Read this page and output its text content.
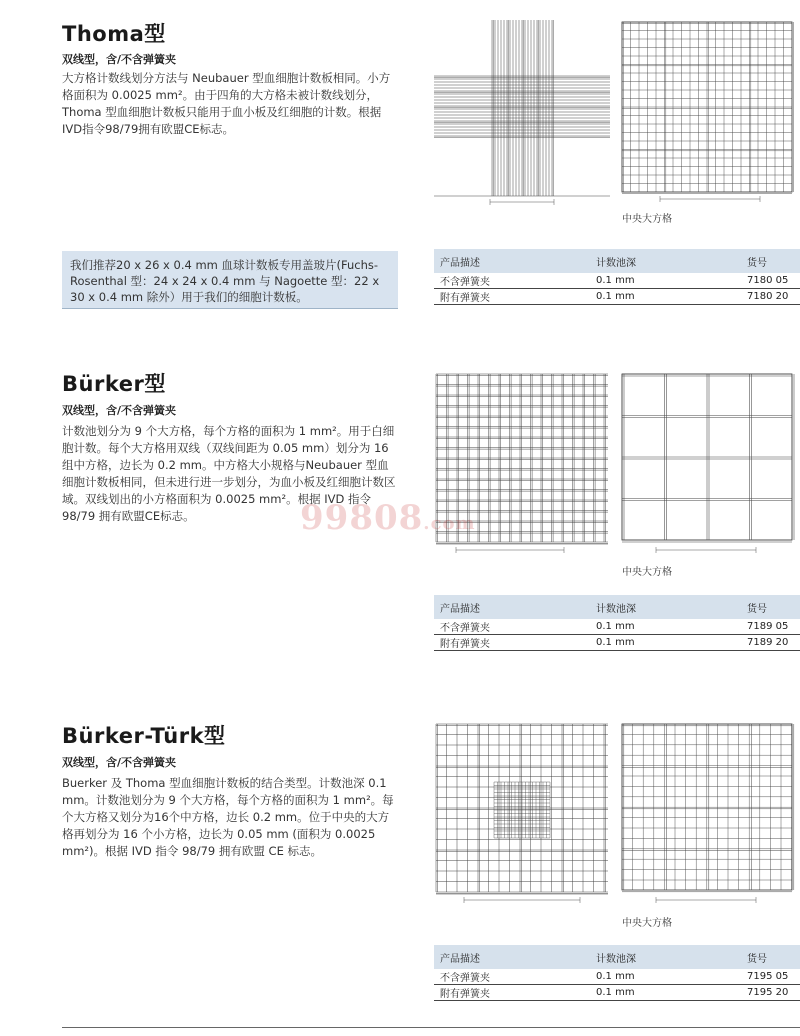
Thoma型

双线型，含/不含弹簧夹

大方格计数线划分方法与 Neubauer 型血细胞计数板相同。小方格面积为 0.0025 mm²。由于四角的大方格未被计数线划分，Thoma 型血细胞计数板只能用于血小板及红细胞的计数。根据IVD指令98/79拥有欧盟CE标志。

中央大方格

我们推荐20 x 26 x 0.4 mm 血球计数板专用盖玻片(Fuchs-Rosenthal 型：24 x 24 x 0.4 mm 与 Nagoette 型：22 x 30 x 0.4 mm 除外）用于我们的细胞计数板。
产品描述	计数池深	货号
不含弹簧夹	0.1 mm	7180 05
附有弹簧夹	0.1 mm	7180 20
Bürker型

双线型，含/不含弹簧夹

计数池划分为 9 个大方格，每个方格的面积为 1 mm²。用于白细胞计数。每个大方格用双线（双线间距为 0.05 mm）划分为 16 组中方格，边长为 0.2 mm。中方格大小规格与Neubauer 型血细胞计数板相同，但未进行进一步划分，为血小板及红细胞计数区域。双线划出的小方格面积为 0.0025 mm²。根据 IVD 指令 98/79 拥有欧盟CE标志。

中央大方格

产品描述	计数池深	货号
不含弹簧夹	0.1 mm	7189 05
附有弹簧夹	0.1 mm	7189 20
Bürker-Türk型

双线型，含/不含弹簧夹

Buerker 及 Thoma 型血细胞计数板的结合类型。计数池深 0.1 mm。计数池划分为 9 个大方格，每个方格的面积为 1 mm²。每个大方格又划分为16个中方格，边长 0.2 mm。位于中央的大方格再划分为 16 个小方格，边长为 0.05 mm (面积为 0.0025 mm²)。根据 IVD 指令 98/79 拥有欧盟 CE 标志。

中央大方格

产品描述	计数池深	货号
不含弹簧夹	0.1 mm	7195 05
附有弹簧夹	0.1 mm	7195 20
99808.com
